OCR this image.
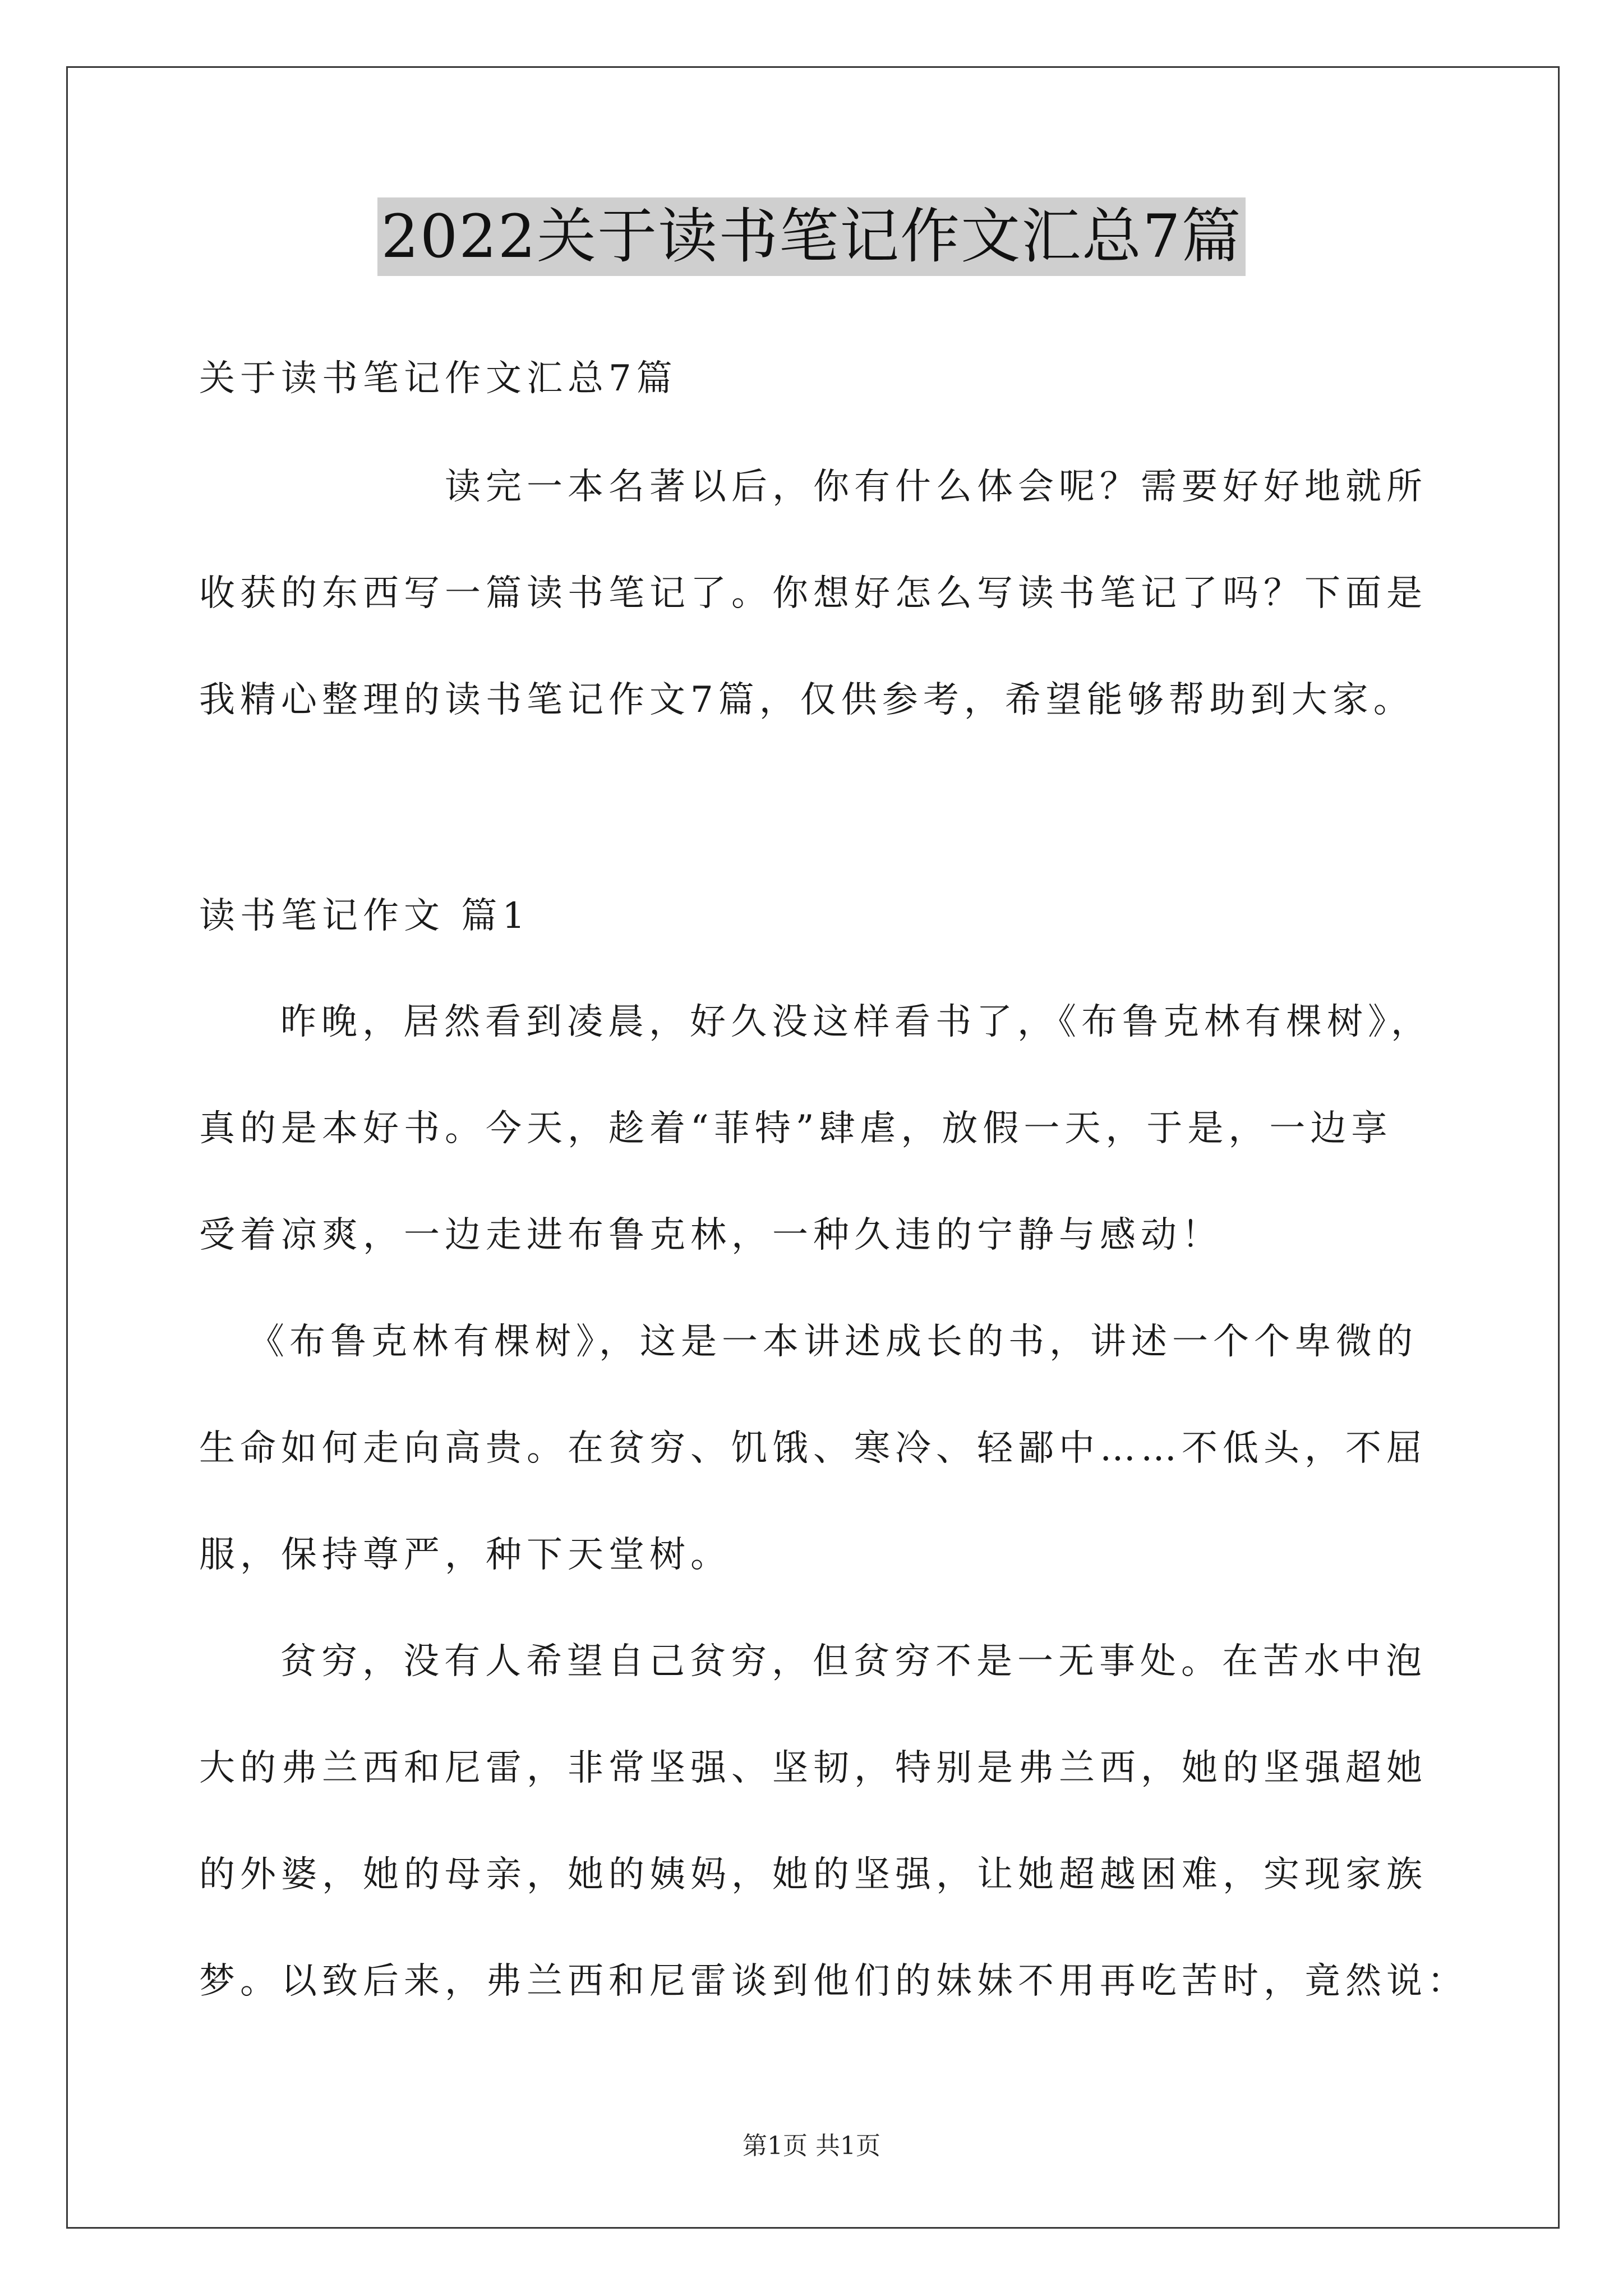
2022关于读书笔记作文汇总7篇
关于读书笔记作文汇总7篇
读完一本名著以后，你有什么体会呢？需要好好地就所
收获的东西写一篇读书笔记了。你想好怎么写读书笔记了吗？下面是
我精心整理的读书笔记作文7篇，仅供参考，希望能够帮助到大家。
读书笔记作文 篇1
昨晚，居然看到凌晨，好久没这样看书了，《布鲁克林有棵树》，
真的是本好书。今天，趁着“菲特”肆虐，放假一天，于是，一边享
受着凉爽，一边走进布鲁克林，一种久违的宁静与感动！
《布鲁克林有棵树》，这是一本讲述成长的书，讲述一个个卑微的
生命如何走向高贵。在贫穷、饥饿、寒冷、轻鄙中……不低头，不屈
服，保持尊严，种下天堂树。
贫穷，没有人希望自己贫穷，但贫穷不是一无事处。在苦水中泡
大的弗兰西和尼雷，非常坚强、坚韧，特别是弗兰西，她的坚强超她
的外婆，她的母亲，她的姨妈，她的坚强，让她超越困难，实现家族
梦。以致后来，弗兰西和尼雷谈到他们的妹妹不用再吃苦时，竟然说：
第1页 共1页
